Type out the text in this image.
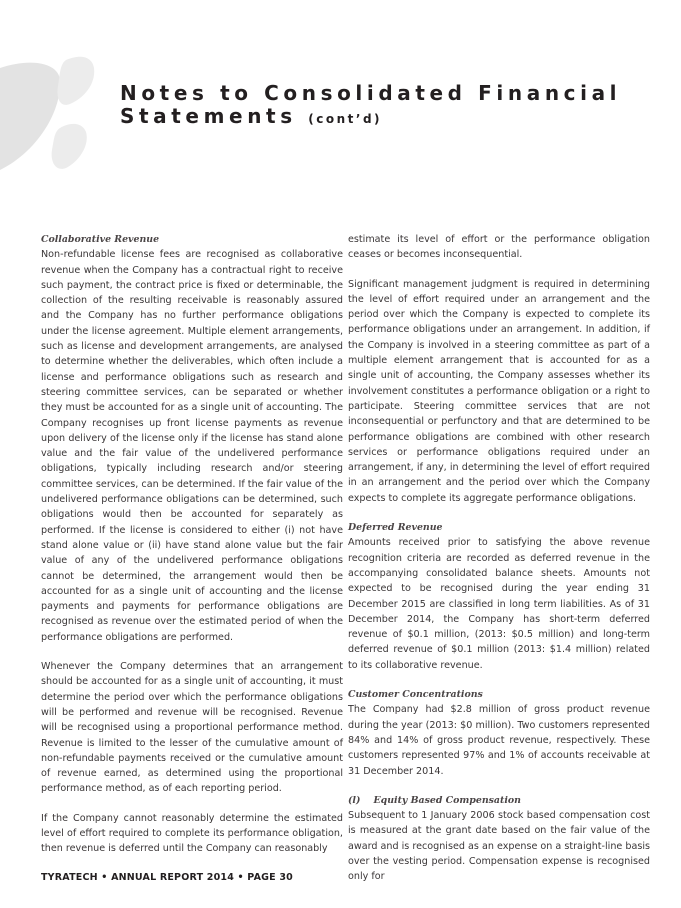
Notes to Consolidated Financial
Statements (cont’d)
Collaborative Revenue

Non-refundable license fees are recognised as collaborative revenue when the Company has a contractual right to receive such payment, the contract price is fixed or determinable, the collection of the resulting receivable is reasonably assured and the Company has no further performance obligations under the license agreement. Multiple element arrangements, such as license and development arrangements, are analysed to determine whether the deliverables, which often include a license and performance obligations such as research and steering committee services, can be separated or whether they must be accounted for as a single unit of accounting. The Company recognises up front license payments as revenue upon delivery of the license only if the license has stand alone value and the fair value of the undelivered performance obligations, typically including research and/or steering committee services, can be determined. If the fair value of the undelivered performance obligations can be determined, such obligations would then be accounted for separately as performed. If the license is considered to either (i) not have stand alone value or (ii) have stand alone value but the fair value of any of the undelivered performance obligations cannot be determined, the arrangement would then be accounted for as a single unit of accounting and the license payments and payments for performance obligations are recognised as revenue over the estimated period of when the performance obligations are performed.

Whenever the Company determines that an arrangement should be accounted for as a single unit of accounting, it must determine the period over which the performance obligations will be performed and revenue will be recognised. Revenue will be recognised using a proportional performance method. Revenue is limited to the lesser of the cumulative amount of non-refundable payments received or the cumulative amount of revenue earned, as determined using the proportional performance method, as of each reporting period.

If the Company cannot reasonably determine the estimated level of effort required to complete its performance obligation, then revenue is deferred until the Company can reasonably

estimate its level of effort or the performance obligation ceases or becomes inconsequential.

Significant management judgment is required in determining the level of effort required under an arrangement and the period over which the Company is expected to complete its performance obligations under an arrangement. In addition, if the Company is involved in a steering committee as part of a multiple element arrangement that is accounted for as a single unit of accounting, the Company assesses whether its involvement constitutes a performance obligation or a right to participate. Steering committee services that are not inconsequential or perfunctory and that are determined to be performance obligations are combined with other research services or performance obligations required under an arrangement, if any, in determining the level of effort required in an arrangement and the period over which the Company expects to complete its aggregate performance obligations.

Deferred Revenue

Amounts received prior to satisfying the above revenue recognition criteria are recorded as deferred revenue in the accompanying consolidated balance sheets. Amounts not expected to be recognised during the year ending 31 December 2015 are classified in long term liabilities. As of 31 December 2014, the Company has short-term deferred revenue of $0.1 million, (2013: $0.5 million) and long-term deferred revenue of $0.1 million (2013: $1.4 million) related to its collaborative revenue.

Customer Concentrations

The Company had $2.8 million of gross product revenue during the year (2013: $0 million). Two customers represented 84% and 14% of gross product revenue, respectively. These customers represented 97% and 1% of accounts receivable at 31 December 2014.

(l)    Equity Based Compensation

Subsequent to 1 January 2006 stock based compensation cost is measured at the grant date based on the fair value of the award and is recognised as an expense on a straight-line basis over the vesting period. Compensation expense is recognised only for

TYRATECH • ANNUAL REPORT 2014 • PAGE 30
